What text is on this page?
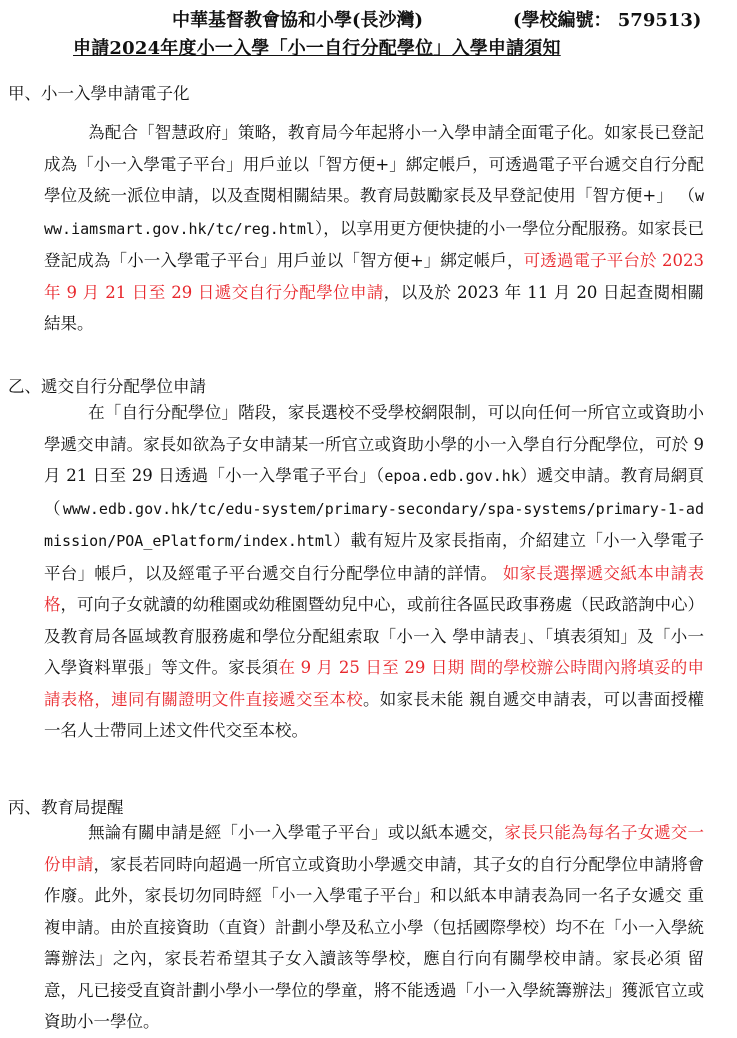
中華基督教會協和小學(長沙灣)	(學校編號： 579513)
申請2024年度小一入學「小一自行分配學位」入學申請須知
甲、小一入學申請電子化
為配合「智慧政府」策略，教育局今年起將小一入學申請全面電子化。如家長已登記 成為「小一入學電子平台」用戶並以「智方便+」綁定帳戶，可透過電子平台遞交自行分配 學位及統一派位申請，以及查閱相關結果。教育局鼓勵家長及早登記使用「智方便+」 （www.iamsmart.gov.hk/tc/reg.html），以享用更方便快捷的小一學位分配服務。如家長已登記成為「小一入學電子平台」用戶並以「智方便+」綁定帳戶，可透過電子平台於 2023 年 9 月 21 日至 29 日遞交自行分配學位申請，以及於 2023 年 11 月 20 日起查閱相關結果。
乙、遞交自行分配學位申請
在「自行分配學位」階段，家長選校不受學校網限制，可以向任何一所官立或資助小學遞交申請。家長如欲為子女申請某一所官立或資助小學的小一入學自行分配學位，可於 9月 21 日至 29 日透過「小一入學電子平台」（epoa.edb.gov.hk）遞交申請。教育局網頁 （www.edb.gov.hk/tc/edu-system/primary-secondary/spa-systems/primary-1-admission/POA_ePlatform/index.html）載有短片及家長指南，介紹建立「小一入學電子平台」帳戶，以及經電子平台遞交自行分配學位申請的詳情。 如家長選擇遞交紙本申請表格，可向子女就讀的幼稚園或幼稚園暨幼兒中心，或前往各區民政事務處（民政諮詢中心）及教育局各區域教育服務處和學位分配組索取「小一入 學申請表」、「填表須知」及「小一入學資料單張」等文件。家長須在 9 月 25 日至 29 日期 間的學校辦公時間內將填妥的申請表格，連同有關證明文件直接遞交至本校。如家長未能 親自遞交申請表，可以書面授權一名人士帶同上述文件代交至本校。
丙、教育局提醒
無論有關申請是經「小一入學電子平台」或以紙本遞交，家長只能為每名子女遞交一份申請，家長若同時向超過一所官立或資助小學遞交申請，其子女的自行分配學位申請將會作廢。此外，家長切勿同時經「小一入學電子平台」和以紙本申請表為同一名子女遞交 重複申請。由於直接資助（直資）計劃小學及私立小學（包括國際學校）均不在「小一入學統籌辦法」之內，家長若希望其子女入讀該等學校，應自行向有關學校申請。家長必須 留意，凡已接受直資計劃小學小一學位的學童，將不能透過「小一入學統籌辦法」獲派官立或資助小一學位。
